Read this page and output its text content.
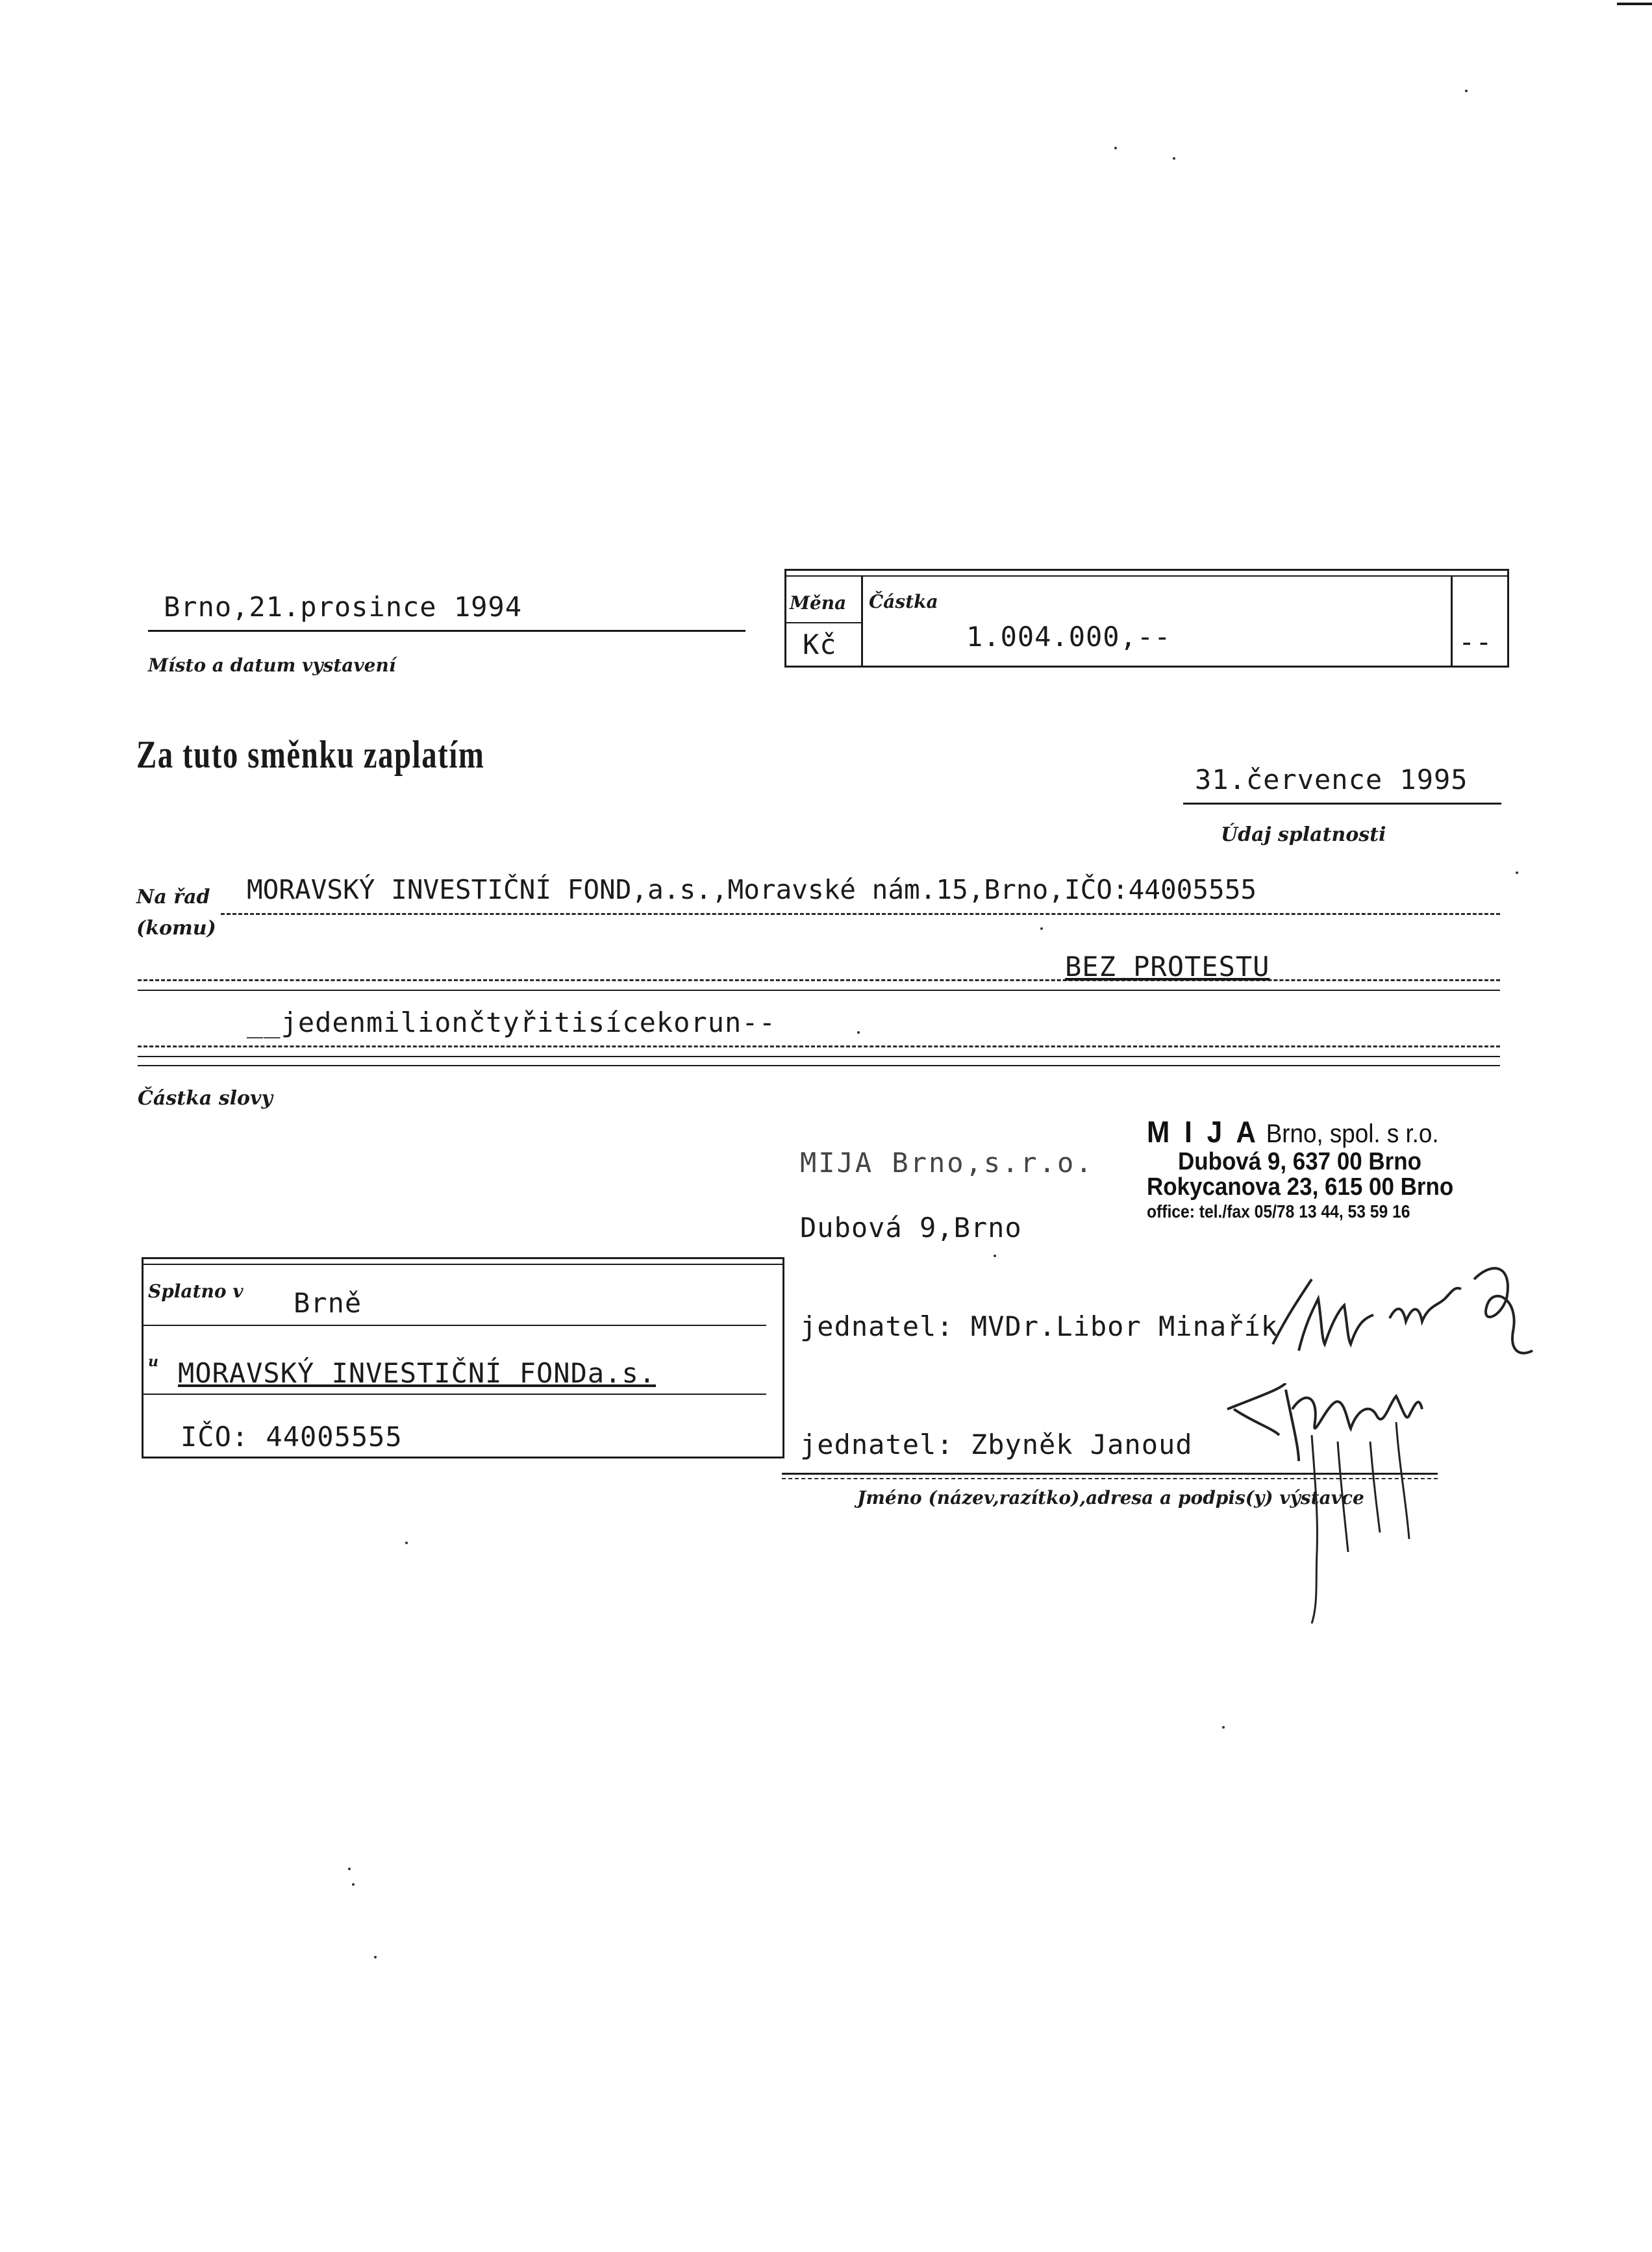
Brno,21.prosince 1994
Místo a datum vystavení
Měna
Kč
Částka
1.004.000,--	--
Za tuto směnku zaplatím
31.července 1995
Údaj splatnosti
Na řad
(komu)
MORAVSKÝ INVESTIČNÍ FOND,a.s.,Moravské nám.15,Brno,IČO:44005555
BEZ PROTESTU
__jedenmiliončtyřitisícekorun--
Částka slovy
MIJA Brno,s.r.o.
Dubová 9,Brno
jednatel: MVDr.Libor Minařík
jednatel: Zbyněk Janoud
Jméno (název,razítko),adresa a podpis(y) výstavce
M I J A Brno, spol. s r.o.
Dubová 9, 637 00 Brno
Rokycanova 23, 615 00 Brno
office: tel./fax 05/78 13 44, 53 59 16
Splatno v Brně
u MORAVSKÝ INVESTIČNÍ FONDa.s.
IČO: 44005555
